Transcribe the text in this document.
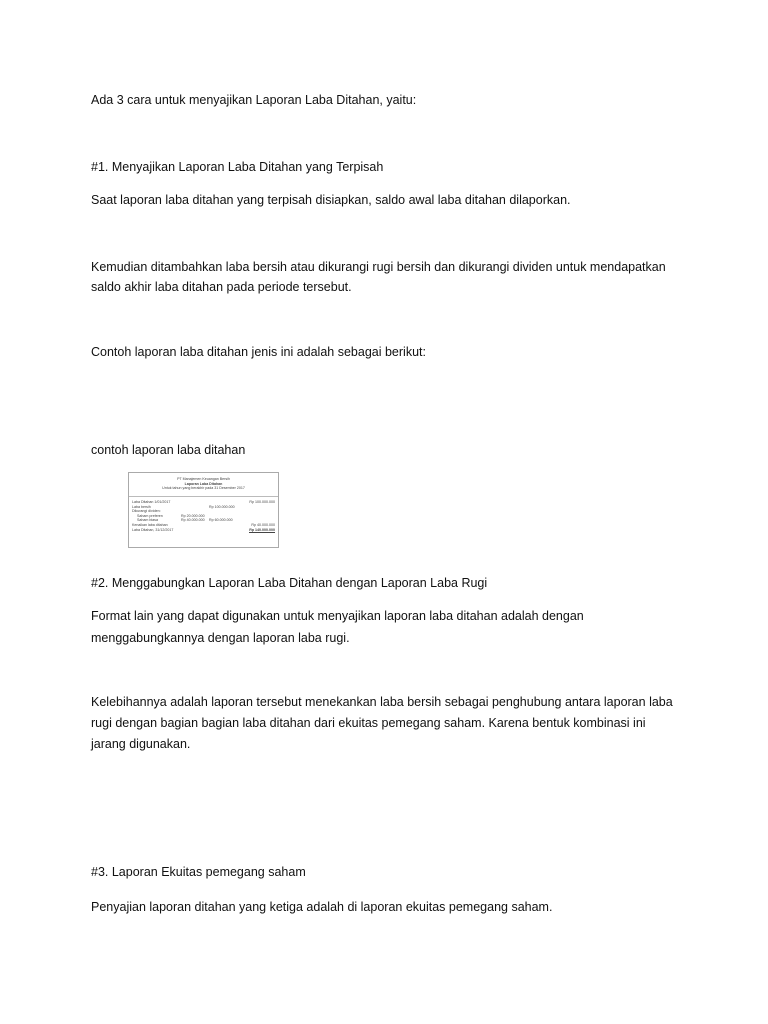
Ada 3 cara untuk menyajikan Laporan Laba Ditahan, yaitu:
#1. Menyajikan Laporan Laba Ditahan yang Terpisah
Saat laporan laba ditahan yang terpisah disiapkan, saldo awal laba ditahan dilaporkan.
Kemudian ditambahkan laba bersih atau dikurangi rugi bersih dan dikurangi dividen untuk mendapatkan
saldo akhir laba ditahan pada periode tersebut.
Contoh laporan laba ditahan jenis ini adalah sebagai berikut:
contoh laporan laba ditahan
PT Manajemen Keuangan Bersih
Laporan Laba Ditahan
Untuk tahun yang berakhir pada 31 Desember 2017
Laba Ditahan 1/01/2017	Rp 100.000.000
Laba bersih	Rp 100.000.000
Dikurangi dividen:
Saham preferen	Rp 20.000.000
Saham biasa	Rp 40.000.000 Rp 60.000.000
Kenaikan laba ditahan	Rp 40.000.000
Laba Ditahan, 31/12/2017	Rp 140.000.000
#2. Menggabungkan Laporan Laba Ditahan dengan Laporan Laba Rugi
Format lain yang dapat digunakan untuk menyajikan laporan laba ditahan adalah dengan
menggabungkannya dengan laporan laba rugi.
Kelebihannya adalah laporan tersebut menekankan laba bersih sebagai penghubung antara laporan laba
rugi dengan bagian bagian laba ditahan dari ekuitas pemegang saham. Karena bentuk kombinasi ini
jarang digunakan.
#3. Laporan Ekuitas pemegang saham
Penyajian laporan ditahan yang ketiga adalah di laporan ekuitas pemegang saham.
